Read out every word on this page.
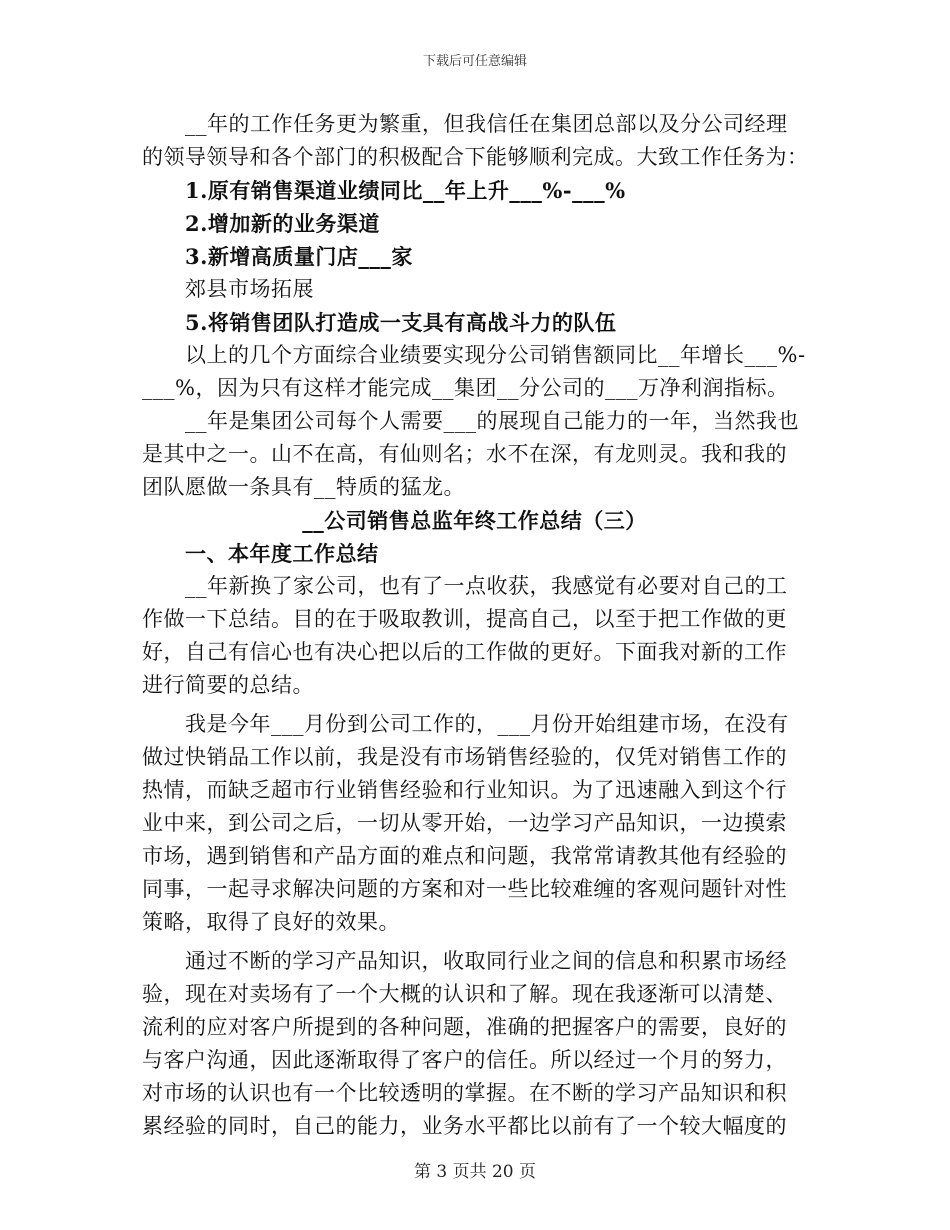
下载后可任意编辑
__年的工作任务更为繁重，但我信任在集团总部以及分公司经理
的领导领导和各个部门的积极配合下能够顺利完成。大致工作任务为：
1.原有销售渠道业绩同比__年上升___%-___%
2.增加新的业务渠道
3.新增高质量门店___家
郊县市场拓展
5.将销售团队打造成一支具有高战斗力的队伍
以上的几个方面综合业绩要实现分公司销售额同比__年增长___%-
___%，因为只有这样才能完成__集团__分公司的___万净利润指标。
__年是集团公司每个人需要___的展现自己能力的一年，当然我也
是其中之一。山不在高，有仙则名；水不在深，有龙则灵。我和我的
团队愿做一条具有__特质的猛龙。
__公司销售总监年终工作总结（三）
一、本年度工作总结
__年新换了家公司，也有了一点收获，我感觉有必要对自己的工
作做一下总结。目的在于吸取教训，提高自己，以至于把工作做的更
好，自己有信心也有决心把以后的工作做的更好。下面我对新的工作
进行简要的总结。
我是今年___月份到公司工作的，___月份开始组建市场，在没有
做过快销品工作以前，我是没有市场销售经验的，仅凭对销售工作的
热情，而缺乏超市行业销售经验和行业知识。为了迅速融入到这个行
业中来，到公司之后，一切从零开始，一边学习产品知识，一边摸索
市场，遇到销售和产品方面的难点和问题，我常常请教其他有经验的
同事，一起寻求解决问题的方案和对一些比较难缠的客观问题针对性
策略，取得了良好的效果。
通过不断的学习产品知识，收取同行业之间的信息和积累市场经
验，现在对卖场有了一个大概的认识和了解。现在我逐渐可以清楚、
流利的应对客户所提到的各种问题，准确的把握客户的需要，良好的
与客户沟通，因此逐渐取得了客户的信任。所以经过一个月的努力，
对市场的认识也有一个比较透明的掌握。在不断的学习产品知识和积
累经验的同时，自己的能力，业务水平都比以前有了一个较大幅度的
第 3 页共 20 页
